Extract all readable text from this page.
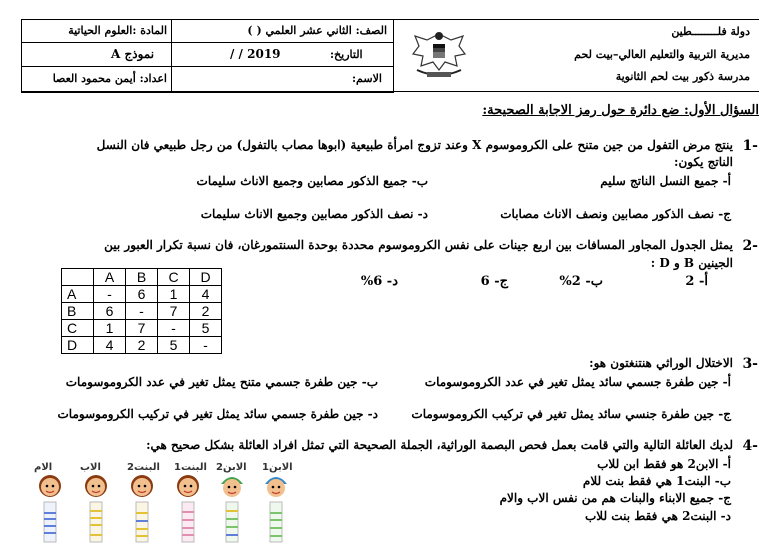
دولة فلــــــــطين
مديرية التربية والتعليم العالي–بيت لحم
مدرسة ذكور بيت لحم الثانوية
الصف: الثاني عشر العلمي ( )
المادة :العلوم الحياتية
التاريخ:
/ / 2019
نموذج A
الاسم:
اعداد: أيمن محمود العصا
السؤال الأول: ضع دائرة حول رمز الاجابة الصحيحة:
1-
ينتج مرض التفول من جين متنح على الكروموسوم X وعند تزوج امرأة طبيعية (ابوها مصاب بالتفول) من رجل طبيعي فان النسل
الناتج يكون:
أ- جميع النسل الناتج سليم
ب- جميع الذكور مصابين وجميع الاناث سليمات
ج- نصف الذكور مصابين ونصف الاناث مصابات
د- نصف الذكور مصابين وجميع الاناث سليمات
2-
يمثل الجدول المجاور المسافات بين اربع جينات على نفس الكروموسوم محددة بوحدة السنتمورغان، فان نسبة تكرار العبور بين
الجينين B و D :
أ- 2
ب- 2%
ج- 6
د- 6%
	A	B	C	D
A	-	6	1	4
B	6	-	7	2
C	1	7	-	5
D	4	2	5	-
3-
الاختلال الوراثي هنتنغتون هو:
أ- جين طفرة جسمي سائد يمثل تغير في عدد الكروموسومات
ب- جين طفرة جسمي متنح يمثل تغير في عدد الكروموسومات
ج- جين طفرة جنسي سائد يمثل تغير في تركيب الكروموسومات
د- جين طفرة جسمي سائد يمثل تغير في تركيب الكروموسومات
4-
لديك العائلة التالية والتي قامت بعمل فحص البصمة الوراثية، الجملة الصحيحة التي تمثل افراد العائلة بشكل صحيح هي:
أ- الابن2 هو فقط ابن للاب
ب- البنت1 هي فقط بنت للام
ج- جميع الابناء والبنات هم من نفس الاب والام
د- البنت2 هي فقط بنت للاب
الام	الاب	البنت2 البنت1 الابن2 الابن1
